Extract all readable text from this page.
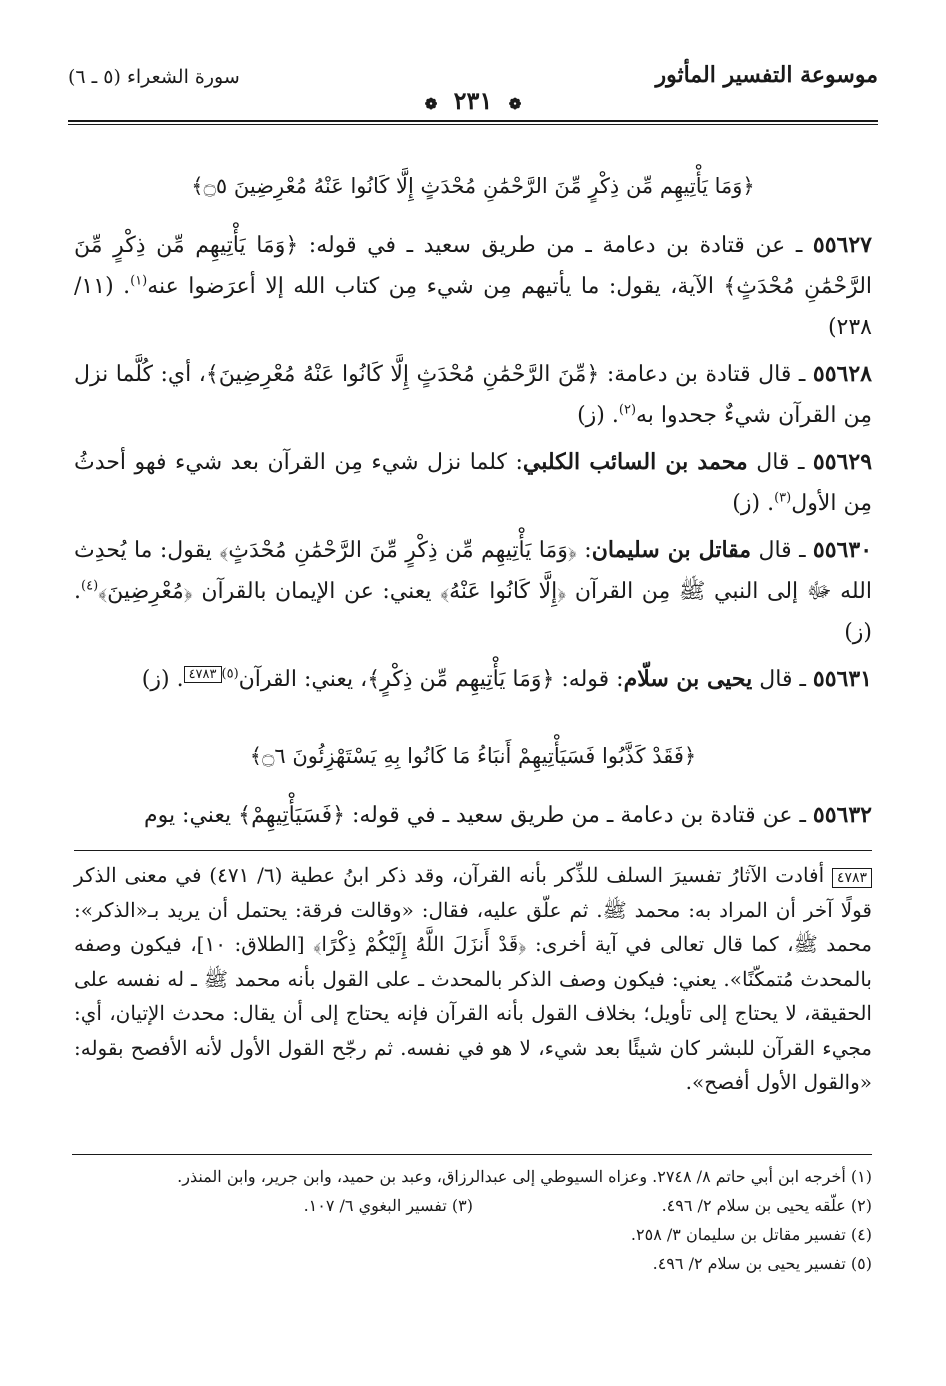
موسوعة التفسير المأثور
سورة الشعراء (٥ ـ ٦)
❁ ٢٣١ ❁
﴿وَمَا يَأْتِيهِم مِّن ذِكْرٍ مِّنَ الرَّحْمَٰنِ مُحْدَثٍ إِلَّا كَانُوا عَنْهُ مُعْرِضِينَ ۝٥﴾

٥٥٦٢٧ ـ عن قتادة بن دعامة ـ من طريق سعيد ـ في قوله: ﴿وَمَا يَأْتِيهِم مِّن ذِكْرٍ مِّنَ الرَّحْمَٰنِ مُحْدَثٍ﴾ الآية، يقول: ما يأتيهم مِن شيء مِن كتاب الله إلا أعرَضوا عنه$^{(١)}$. (١١/ ٢٣٨)

٥٥٦٢٨ ـ قال قتادة بن دعامة: ﴿مِّنَ الرَّحْمَٰنِ مُحْدَثٍ إِلَّا كَانُوا عَنْهُ مُعْرِضِينَ﴾، أي: كُلَّما نزل مِن القرآن شيءٌ جحدوا به$^{(٢)}$. (ز)

٥٥٦٢٩ ـ قال محمد بن السائب الكلبي: كلما نزل شيء مِن القرآن بعد شيء فهو أحدثُ مِن الأول$^{(٣)}$. (ز)

٥٥٦٣٠ ـ قال مقاتل بن سليمان: ﴿وَمَا يَأْتِيهِم مِّن ذِكْرٍ مِّنَ الرَّحْمَٰنِ مُحْدَثٍ﴾ يقول: ما يُحدِث الله ﷻ إلى النبي ﷺ مِن القرآن ﴿إِلَّا كَانُوا عَنْهُ﴾ يعني: عن الإيمان بالقرآن ﴿مُعْرِضِينَ﴾$^{(٤)}$. (ز)

٥٥٦٣١ ـ قال يحيى بن سلّام: قوله: ﴿وَمَا يَأْتِيهِم مِّن ذِكْرٍ﴾، يعني: القرآن$^{(٥)}$٤٧٨٣. (ز)

﴿فَقَدْ كَذَّبُوا فَسَيَأْتِيهِمْ أَنبَاءُ مَا كَانُوا بِهِ يَسْتَهْزِئُونَ ۝٦﴾

٥٥٦٣٢ ـ عن قتادة بن دعامة ـ من طريق سعيد ـ في قوله: ﴿فَسَيَأْتِيهِمْ﴾ يعني: يوم

٤٧٨٣ أفادت الآثارُ تفسيرَ السلف للذِّكر بأنه القرآن، وقد ذكر ابنُ عطية (٦/ ٤٧١) في معنى الذكر قولًا آخر أن المراد به: محمد ﷺ. ثم علّق عليه، فقال: «وقالت فرقة: يحتمل أن يريد بـ«الذكر»: محمد ﷺ، كما قال تعالى في آية أخرى: ﴿قَدْ أَنزَلَ اللَّهُ إِلَيْكُمْ ذِكْرًا﴾ [الطلاق: ١٠]، فيكون وصفه بالمحدث مُتمكّنًا». يعني: فيكون وصف الذكر بالمحدث ـ على القول بأنه محمد ﷺ ـ له نفسه على الحقيقة، لا يحتاج إلى تأويل؛ بخلاف القول بأنه القرآن فإنه يحتاج إلى أن يقال: محدث الإتيان، أي: مجيء القرآن للبشر كان شيئًا بعد شيء، لا هو في نفسه. ثم رجّح القول الأول لأنه الأفصح بقوله: «والقول الأول أفصح».
(١) أخرجه ابن أبي حاتم ٨/ ٢٧٤٨. وعزاه السيوطي إلى عبدالرزاق، وعبد بن حميد، وابن جرير، وابن المنذر.
(٢) علّقه يحيى بن سلام ٢/ ٤٩٦.
(٣) تفسير البغوي ٦/ ١٠٧.
(٤) تفسير مقاتل بن سليمان ٣/ ٢٥٨.
(٥) تفسير يحيى بن سلام ٢/ ٤٩٦.
